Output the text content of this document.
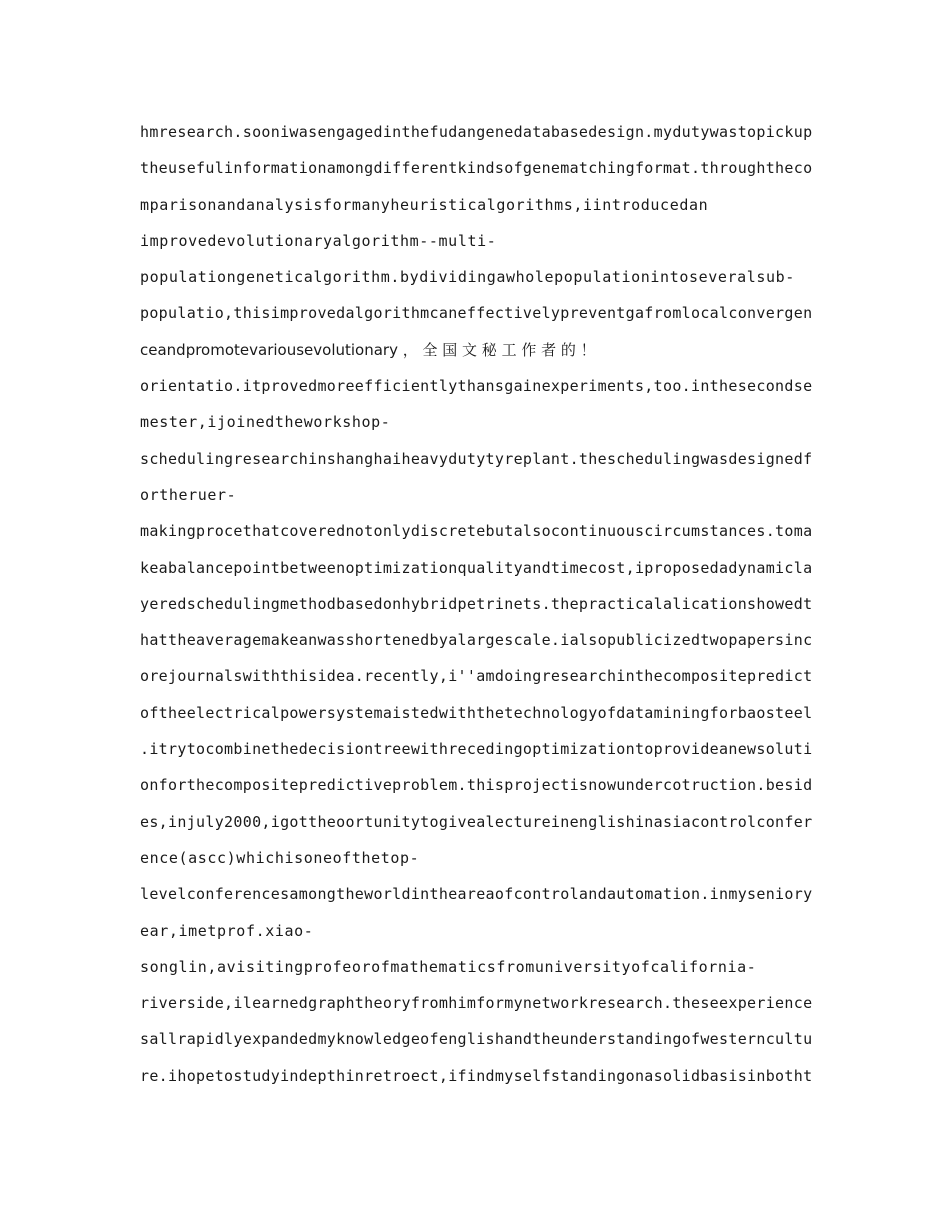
hmresearch.sooniwasengagedinthefudangenedatabasedesign.mydutywastopickup
theusefulinformationamongdifferentkindsofgenematchingformat.throughtheco
mparisonandanalysisformanyheuristicalgorithms,iintroducedan
improvedevolutionaryalgorithm--multi-
populationgeneticalgorithm.bydividingawholepopulationintoseveralsub-
populatio,thisimprovedalgorithmcaneffectivelypreventgafromlocalconvergen
ceandpromotevariousevolutionary ， 全 国 文 秘 工 作 者 的 ！
orientatio.itprovedmoreefficientlythansgainexperiments,too.inthesecondse
mester,ijoinedtheworkshop-
schedulingresearchinshanghaiheavydutytyreplant.theschedulingwasdesignedf
ortheruer-
makingprocethatcoverednotonlydiscretebutalsocontinuouscircumstances.toma
keabalancepointbetweenoptimizationqualityandtimecost,iproposedadynamicla
yeredschedulingmethodbasedonhybridpetrinets.thepracticalalicationshowedt
hattheaveragemakeanwasshortenedbyalargescale.ialsopublicizedtwopapersinc
orejournalswiththisidea.recently,i''amdoingresearchinthecompositepredict
oftheelectricalpowersystemaistedwiththetechnologyofdataminingforbaosteel
.itrytocombinethedecisiontreewithrecedingoptimizationtoprovideanewsoluti
onforthecompositepredictiveproblem.thisprojectisnowundercotruction.besid
es,injuly2000,igottheoortunitytogivealectureinenglishinasiacontrolconfer
ence(ascc)whichisoneofthetop-
levelconferencesamongtheworldintheareaofcontrolandautomation.inmyseniory
ear,imetprof.xiao-
songlin,avisitingprofeorofmathematicsfromuniversityofcalifornia-
riverside,ilearnedgraphtheoryfromhimformynetworkresearch.theseexperience
sallrapidlyexpandedmyknowledgeofenglishandtheunderstandingofwesterncultu
re.ihopetostudyindepthinretroect,ifindmyselfstandingonasolidbasisinbotht
